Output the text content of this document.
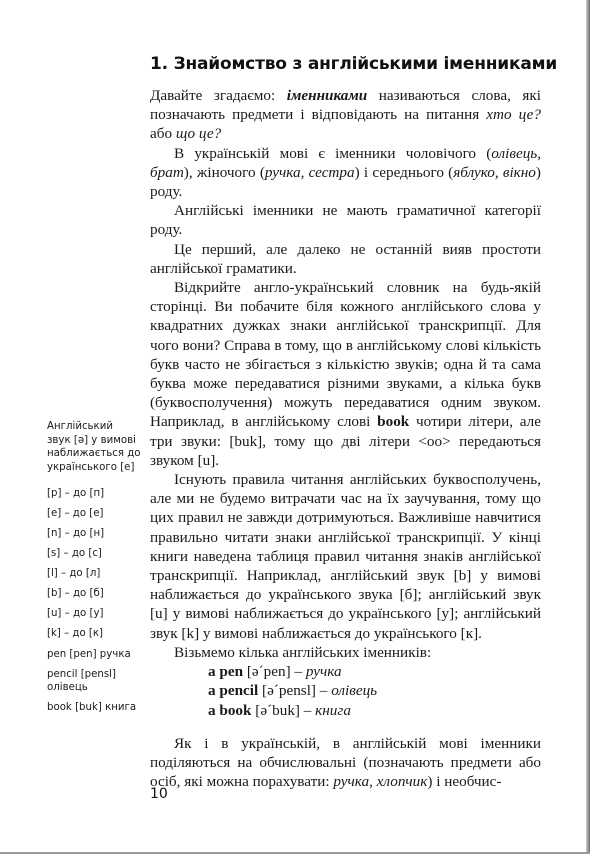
1. Знайомство з англійськими іменниками

Давайте згадаємо: іменниками називаються слова, які позначають предмети і відповідають на питання хто це? або що це?

В українській мові є іменники чоловічого (олівець, брат), жіночого (ручка, сестра) і середнього (яблуко, вікно) роду.

Англійські іменники не мають граматичної категорії роду.

Це перший, але далеко не останній вияв простоти англійської граматики.

Відкрийте англо-український словник на будь-якій сторінці. Ви побачите біля кожного англійського слова у квадратних дужках знаки англійської транскрипції. Для чого вони? Справа в тому, що в англійському слові кількість букв часто не збігається з кількістю звуків; одна й та сама буква може передаватися різними звуками, а кілька букв (буквосполучення) можуть передаватися одним звуком. Наприклад, в англійському слові book чотири літери, але три звуки: [buk], тому що дві літери <oo> передаються звуком [u].

Існують правила читання англійських буквосполучень, але ми не будемо витрачати час на їх заучування, тому що цих правил не завжди дотримуються. Важливіше навчитися правильно читати знаки англійської транскрипції. У кінці книги наведена таблиця правил читання знаків англійської транскрипції. Наприклад, англійський звук [b] у вимові наближається до українського звука [б]; англійський звук [u] у вимові наближається до українського [у]; англійський звук [k] у вимові наближається до українського [к].

Візьмемо кілька англійських іменників:

a pen [ə´pen] – ручка

a pencil [ə´pensl] – олівець

a book [ə´buk] – книга

Як і в українській, в англійській мові іменники поділяються на обчислювальні (позначають предмети або осіб, які можна порахувати: ручка, хлопчик) і необчис-

Англійський
звук [ə] у вимові
наближається до
українського [е]
[p] – до [п]
[e] – до [е]
[n] – до [н]
[s] – до [с]
[l] – до [л]
[b] – до [б]
[u] – до [у]
[k] – до [к]
pen [pen] ручка
pencil [pensl]
олівець
book [buk] книга
10
